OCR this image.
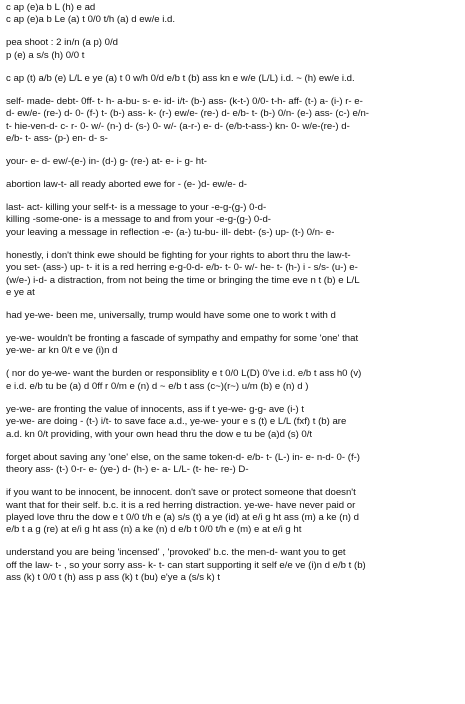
c ap (e)a b L (h) e ad
c ap (e)a b Le (a) t 0/0 t/h (a) d ew/e i.d.
pea shoot : 2 in/n (a p) 0/d
p (e) a s/s (h) 0/0 t
c ap (t) a/b (e) L/L e ye (a) t 0 w/h 0/d e/b t (b) ass kn e w/e (L/L) i.d. ~ (h) ew/e i.d.
self- made- debt- 0ff- t- h- a-bu- s- e- id- i/t- (b-) ass- (k-t-) 0/0- t-h- aff- (t-) a- (i-) r- e-
d- ew/e- (re-) d- 0- (f-) t- (b-) ass- k- (r-) ew/e- (re-) d- e/b- t- (b-) 0/n- (e-) ass- (c-) e/n-
t- hie-ven-d- c- r- 0- w/- (n-) d- (s-) 0- w/- (a-r-) e- d- (e/b-t-ass-) kn- 0- w/e-(re-) d-
e/b- t- ass- (p-) en- d- s-
your- e- d- ew/-(e-) in- (d-) g- (re-) at- e- i- g- ht-
abortion law-t- all ready aborted ewe for - (e- )d- ew/e- d-
last- act- killing your self-t- is a message to your -e-g-(g-) 0-d-
killing -some-one- is a message to and from your -e-g-(g-) 0-d-
your leaving a message in reflection -e- (a-) tu-bu- ill- debt- (s-) up- (t-) 0/n- e-
honestly, i don't think ewe should be fighting for your rights to abort thru the law-t-
you set- (ass-) up- t- it is a red herring e-g-0-d- e/b- t- 0- w/- he- t- (h-) i - s/s- (u-) e-
(w/e-) i-d- a distraction, from not being the time or bringing the time eve n t (b) e L/L
e ye at
had ye-we- been me, universally, trump would have some one to work t with d
ye-we- wouldn't be fronting a fascade of sympathy and empathy for some 'one' that
ye-we- ar kn 0/t e ve (i)n d
( nor do ye-we- want the burden or responsiblity e t 0/0 L(D) 0've i.d. e/b t ass h0 (v)
e i.d. e/b tu be (a) d 0ff r 0/m e (n) d ~ e/b t ass (c~)(r~) u/m (b) e (n) d )
ye-we- are fronting the value of innocents, ass if t ye-we- g-g- ave (i-) t
ye-we- are doing - (t-) i/t- to save face a.d., ye-we- your e s (t) e L/L (fxf) t (b) are
a.d. kn 0/t providing, with your own head thru the dow e tu be (a)d (s) 0/t
forget about saving any 'one' else, on the same token-d- e/b- t- (L-) in- e- n-d- 0- (f-)
theory ass- (t-) 0-r- e- (ye-) d- (h-) e- a- L/L- (t- he- re-) D-
if you want to be innocent, be innocent. don't save or protect someone that doesn't
want that for their self. b.c. it is a red herring distraction. ye-we- have never paid or
played love thru the dow e t 0/0 t/h e (a) s/s (t) a ye (id) at e/i g ht ass (m) a ke (n) d
e/b t a g (re) at e/i g ht ass (n) a ke (n) d e/b t 0/0 t/h e (m) e at e/i g ht
understand you are being 'incensed' , 'provoked' b.c. the men-d- want you to get
off the law- t- , so your sorry ass- k- t- can start supporting it self e/e ve (i)n d e/b t (b)
ass (k) t 0/0 t (h) ass p ass (k) t (bu) e'ye a (s/s k) t
